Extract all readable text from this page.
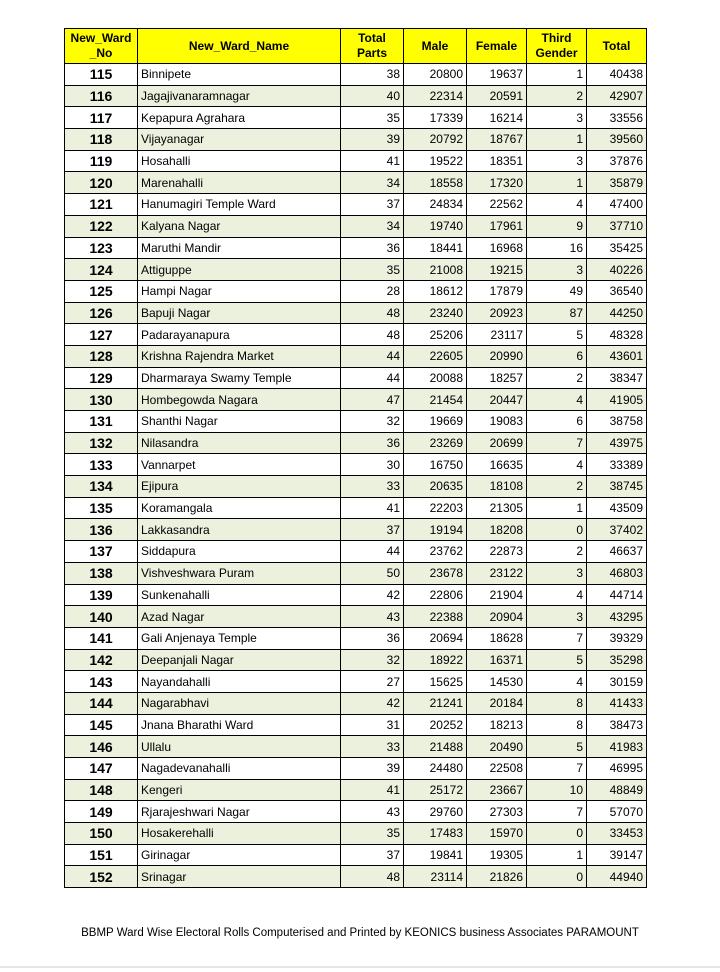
New_Ward _No	New_Ward_Name	Total Parts	Male	Female	Third Gender	Total
115	Binnipete	38	20800	19637	1	40438
116	Jagajivanaramnagar	40	22314	20591	2	42907
117	Kepapura Agrahara	35	17339	16214	3	33556
118	Vijayanagar	39	20792	18767	1	39560
119	Hosahalli	41	19522	18351	3	37876
120	Marenahalli	34	18558	17320	1	35879
121	Hanumagiri Temple Ward	37	24834	22562	4	47400
122	Kalyana Nagar	34	19740	17961	9	37710
123	Maruthi Mandir	36	18441	16968	16	35425
124	Attiguppe	35	21008	19215	3	40226
125	Hampi Nagar	28	18612	17879	49	36540
126	Bapuji Nagar	48	23240	20923	87	44250
127	Padarayanapura	48	25206	23117	5	48328
128	Krishna Rajendra Market	44	22605	20990	6	43601
129	Dharmaraya Swamy Temple	44	20088	18257	2	38347
130	Hombegowda Nagara	47	21454	20447	4	41905
131	Shanthi Nagar	32	19669	19083	6	38758
132	Nilasandra	36	23269	20699	7	43975
133	Vannarpet	30	16750	16635	4	33389
134	Ejipura	33	20635	18108	2	38745
135	Koramangala	41	22203	21305	1	43509
136	Lakkasandra	37	19194	18208	0	37402
137	Siddapura	44	23762	22873	2	46637
138	Vishveshwara Puram	50	23678	23122	3	46803
139	Sunkenahalli	42	22806	21904	4	44714
140	Azad Nagar	43	22388	20904	3	43295
141	Gali Anjenaya Temple	36	20694	18628	7	39329
142	Deepanjali Nagar	32	18922	16371	5	35298
143	Nayandahalli	27	15625	14530	4	30159
144	Nagarabhavi	42	21241	20184	8	41433
145	Jnana Bharathi Ward	31	20252	18213	8	38473
146	Ullalu	33	21488	20490	5	41983
147	Nagadevanahalli	39	24480	22508	7	46995
148	Kengeri	41	25172	23667	10	48849
149	Rjarajeshwari Nagar	43	29760	27303	7	57070
150	Hosakerehalli	35	17483	15970	0	33453
151	Girinagar	37	19841	19305	1	39147
152	Srinagar	48	23114	21826	0	44940
BBMP Ward Wise Electoral Rolls Computerised and Printed by KEONICS business Associates PARAMOUNT
